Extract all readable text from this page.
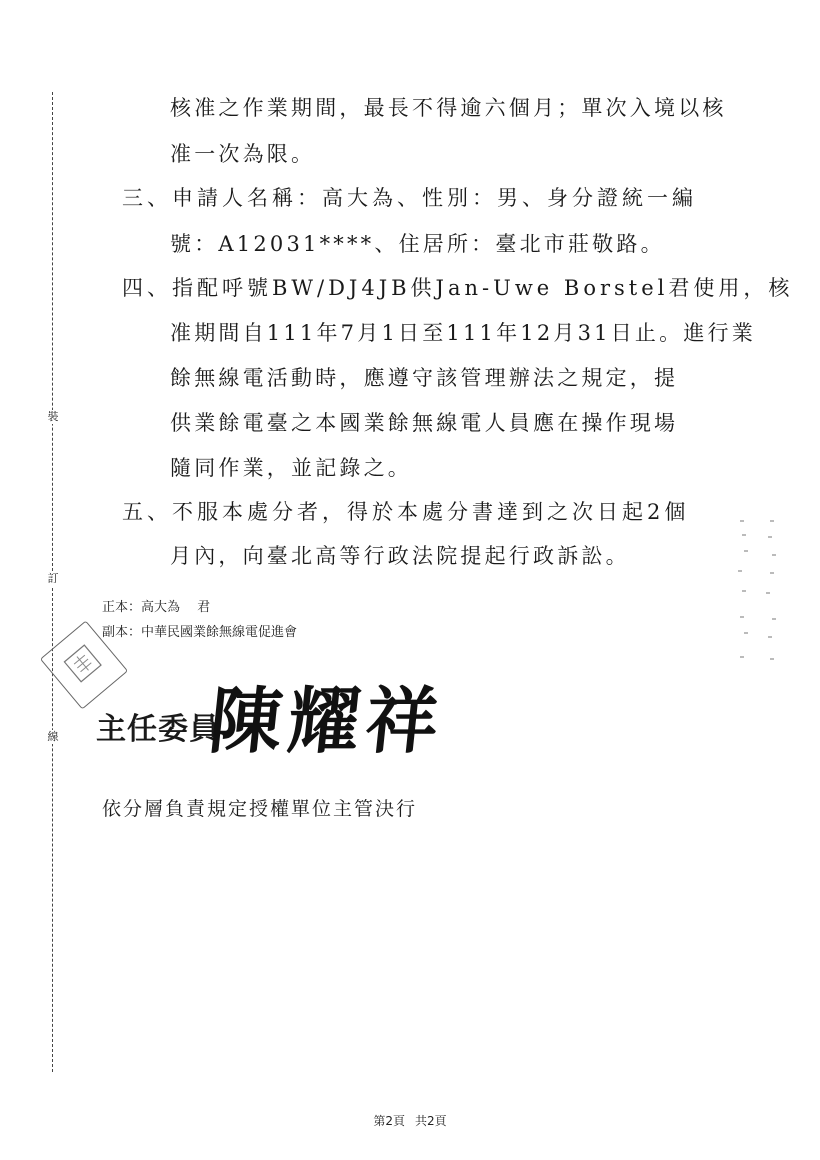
裝
訂
線
核准之作業期間，最長不得逾六個月；單次入境以核
准一次為限。
三、申請人名稱：高大為、性別：男、身分證統一編
號：A12031****、住居所：臺北市莊敬路。
四、指配呼號BW/DJ4JB供Jan-Uwe Borstel君使用，核
准期間自111年7月1日至111年12月31日止。進行業
餘無線電活動時，應遵守該管理辦法之規定，提
供業餘電臺之本國業餘無線電人員應在操作現場
隨同作業，並記錄之。
五、不服本處分者，得於本處分書達到之次日起2個
月內，向臺北高等行政法院提起行政訴訟。
正本：高大為　 君
副本：中華民國業餘無線電促進會
主任委員
陳耀祥
依分層負責規定授權單位主管決行
第2頁 共2頁
